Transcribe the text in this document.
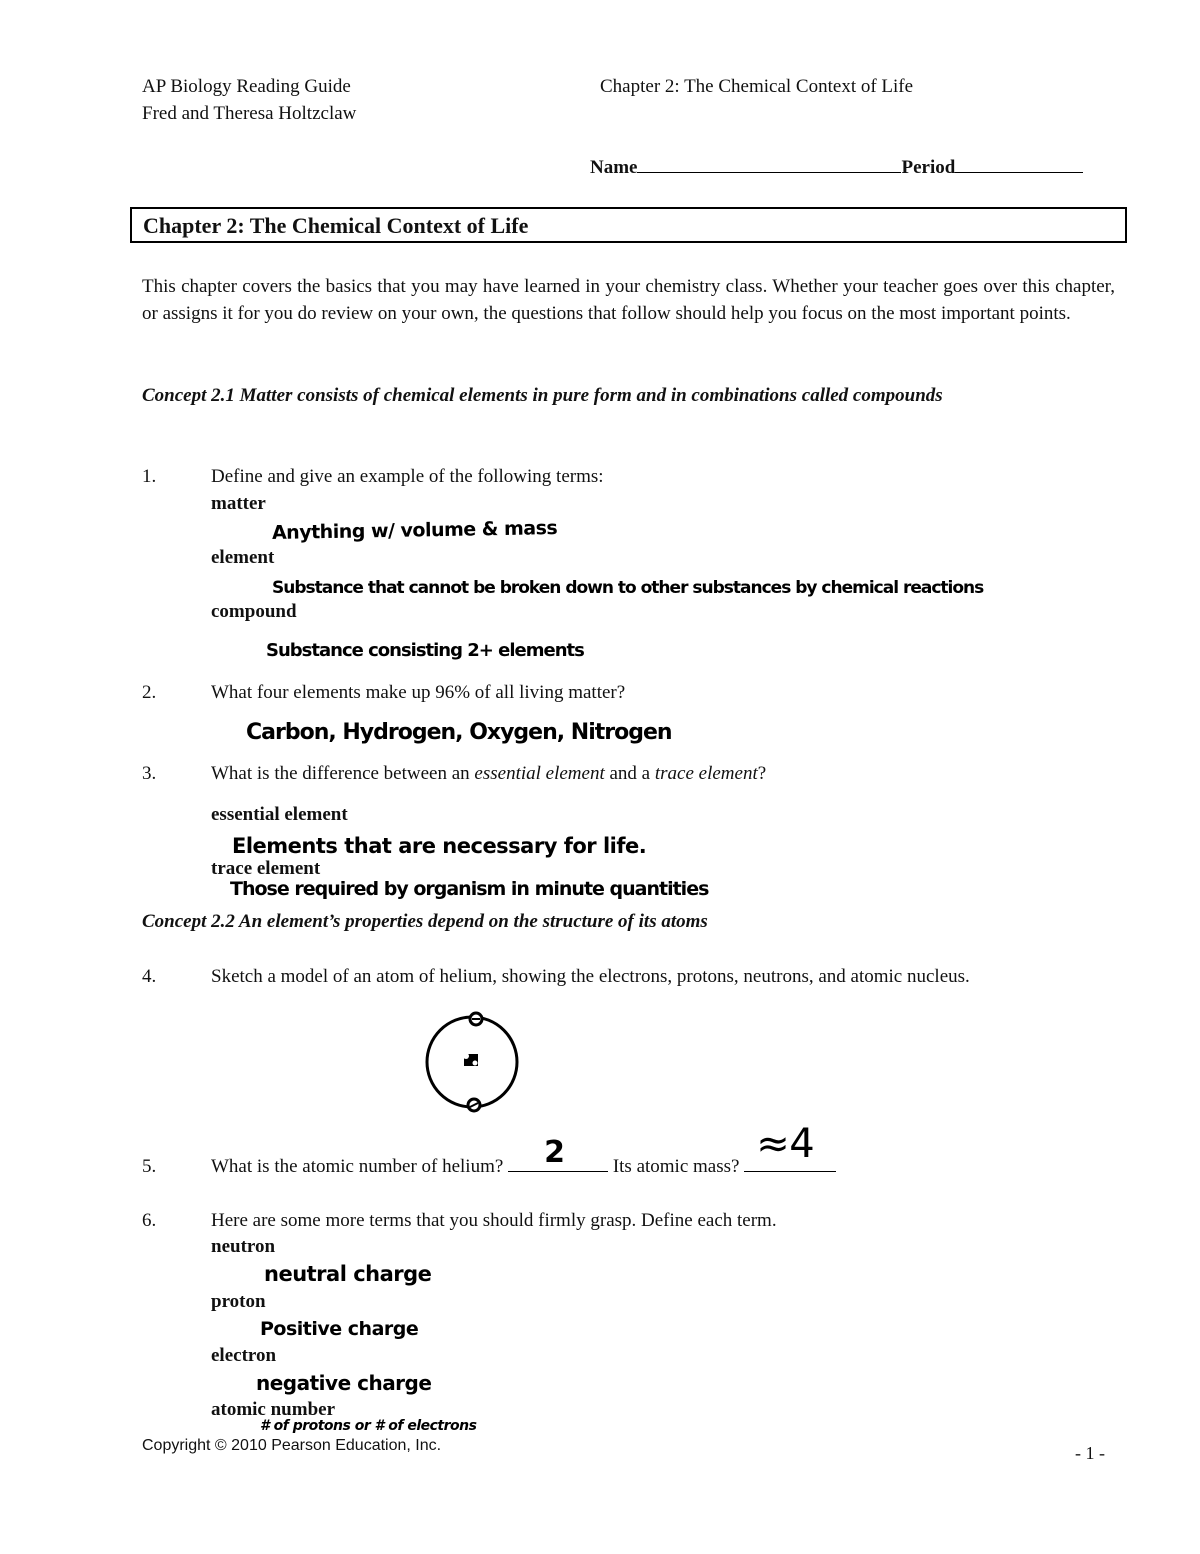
AP Biology Reading Guide
Fred and Theresa Holtzclaw
Chapter 2: The Chemical Context of Life
Name	Period
Chapter 2: The Chemical Context of Life
This chapter covers the basics that you may have learned in your chemistry class. Whether your teacher goes over this chapter, or assigns it for you do review on your own, the questions that follow should help you focus on the most important points.
Concept 2.1 Matter consists of chemical elements in pure form and in combinations called compounds
1.	Define and give an example of the following terms:
matter
Anything w/ volume & mass
element
Substance that cannot be broken down to other substances by chemical reactions
compound
Substance consisting 2+ elements
2.	What four elements make up 96% of all living matter?
Carbon, Hydrogen, Oxygen, Nitrogen
3.	What is the difference between an essential element and a trace element?
essential element
Elements that are necessary for life.
trace element
Those required by organism in minute quantities
Concept 2.2 An element’s properties depend on the structure of its atoms
4.	Sketch a model of an atom of helium, showing the electrons, protons, neutrons, and atomic nucleus.
5.	What is the atomic number of helium? 2	Its atomic mass? ≈4
6.	Here are some more terms that you should firmly grasp. Define each term.
neutron
neutral charge
proton
Positive charge
electron
negative charge
atomic number
# of protons or # of electrons
Copyright © 2010 Pearson Education, Inc.	- 1 -
